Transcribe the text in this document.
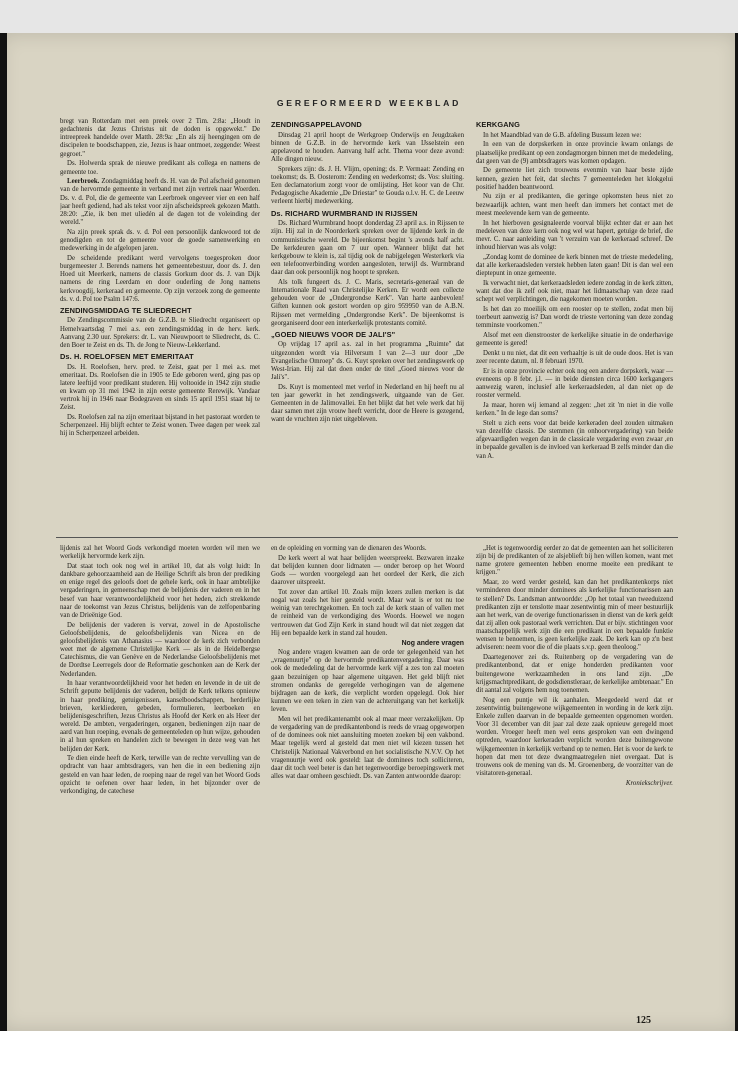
GEREFORMEERD WEEKBLAD

bregt van Rotterdam met een preek over 2 Tim. 2:8a: „Houdt in gedachtenis dat Jezus Christus uit de doden is opgewekt." De intreepreek handelde over Matth. 28:9a: „En als zij heengingen om de discipelen te boodschappen, zie, Jezus is haar ontmoet, zeggende: Weest gegroet."

Ds. Holwerda sprak de nieuwe predikant als collega en namens de gemeente toe.

Leerbroek. Zondagmiddag heeft ds. H. van de Pol afscheid genomen van de hervormde gemeente in verband met zijn vertrek naar Woerden. Ds. v. d. Pol, die de gemeente van Leerbroek ongeveer vier en een half jaar heeft gediend, had als tekst voor zijn afscheidspreek gekozen Matth. 28:20: „Zie, ik ben met uliedén al de dagen tot de voleinding der wereld."

Na zijn preek sprak ds. v. d. Pol een persoonlijk dankwoord tot de genodigden en tot de gemeente voor de goede samenwerking en medewerking in de afgelopen jaren.

De scheidende predikant werd vervolgens toegesproken door burgemeester J. Berends namens het gemeentebestuur, door ds. J. den Hoed uit Meerkerk, namens de classis Gorkum door ds. J. van Dijk namens de ring Leerdam en door ouderling de Jong namens kerkvoogdij, kerkeraad en gemeente. Op zijn verzoek zong de gemeente ds. v. d. Pol toe Psalm 147:6.

ZENDINGSMIDDAG TE SLIEDRECHT

De Zendingscommissie van de G.Z.B. te Sliedrecht organiseert op Hemelvaartsdag 7 mei a.s. een zendingsmiddag in de herv. kerk. Aanvang 2.30 uur. Sprekers: dr. L. van Nieuwpoort te Sliedrecht, ds. C. den Boer te Zeist en ds. Th. de Jong te Nieuw-Lekkerland.

Ds. H. ROELOFSEN MET EMERITAAT

Ds. H. Roelofsen, herv. pred. te Zeist, gaat per 1 mei a.s. met emeritaat. Ds. Roelofsen die in 1905 te Ede geboren werd, ging pas op latere leeftijd voor predikant studeren. Hij voltooide in 1942 zijn studie en kwam op 31 mei 1942 in zijn eerste gemeente Rerewijk. Vandaar vertrok hij in 1946 naar Bodegraven en sinds 15 april 1951 staat hij te Zeist.

Ds. Roelofsen zal na zijn emeritaat bijstand in het pastoraat worden te Scherpenzeel. Hij blijft echter te Zeist wonen. Twee dagen per week zal hij in Scherpenzeel arbeiden.

ZENDINGSAPPELAVOND

Dinsdag 21 april hoopt de Werkgroep Onderwijs en Jeugdzaken binnen de G.Z.B. in de hervormde kerk van IJsselstein een appelavond te houden. Aanvang half acht. Thema voor deze avond: Alle dingen nieuw.

Sprekers zijn: ds. J. H. Vlijm, opening; ds. P. Vermaat: Zending en toekomst; ds. B. Oosterom: Zending en wederkomst; ds. Vos: sluiting. Een declamatorium zorgt voor de omlijsting. Het koor van de Chr. Pedagogische Akademie „De Driestar" te Gouda o.l.v. H. C. de Leeuw verleent hierbij medewerking.

Ds. RICHARD WURMBRAND IN RIJSSEN

Ds. Richard Wurmbrand hoopt donderdag 23 april a.s. in Rijssen te zijn. Hij zal in de Noorderkerk spreken over de lijdende kerk in de communistische wereld. De bijeenkomst begint 's avonds half acht. De kerkdeuren gaan om 7 uur open. Wanneer blijkt dat het kerkgebouw te klein is, zal tijdig ook de nabijgelegen Westerkerk via een telefoonverbinding worden aangesloten, terwijl ds. Wurmbrand daar dan ook persoonlijk nog hoopt te spreken.

Als tolk fungeert ds. J. C. Maris, secretaris-generaal van de Internationale Raad van Christelijke Kerken. Er wordt een collecte gehouden voor de „Ondergrondse Kerk". Van harte aanbevolen! Giften kunnen ook gestort worden op giro 959950 van de A.B.N. Rijssen met vermelding „Ondergrondse Kerk". De bijeenkomst is georganiseerd door een interkerkelijk protestants comité.

„GOED NIEUWS VOOR DE JALI'S"

Op vrijdag 17 april a.s. zal in het programma „Ruimte" dat uitgezonden wordt via Hilversum I van 2—3 uur door „De Evangelische Omroep" ds. G. Kuyt spreken over het zendingswerk op West-Irian. Hij zal dat doen onder de titel „Goed nieuws voor de Jali's".

Ds. Kuyt is momenteel met verlof in Nederland en hij heeft nu al ten jaar gewerkt in het zendingswerk, uitgaande van de Ger. Gemeenten in de Jalimovallei. En het blijkt dat het vele werk dat hij daar samen met zijn vrouw heeft verricht, door de Heere is gezegend, want de vruchten zijn niet uitgebleven.

KERKGANG

In het Maandblad van de G.B. afdeling Bussum lezen we:

In een van de dorpskerken in onze provincie kwam onlangs de plaatselijke predikant op een zondagmorgen binnen met de mededeling, dat geen van de (9) ambtsdragers was komen opdagen.

De gemeente liet zich trouwens evenmin van haar beste zijde kennen, gezien het feit, dat slechts 7 gemeenteleden het klokgelui positief hadden beantwoord.

Nu zijn er al predikanten, die geringe opkomsten heus niet zo bezwaarlijk achten, want men heeft dan immers het contact met de meest meelevende kern van de gemeente.

In het hierboven gesignaleerde voorval blijkt echter dat er aan het medeleven van deze kern ook nog wel wat hapert, getuige de brief, die mevr. C. naar aanleiding van 't verzuim van de kerkeraad schreef. De inhoud hiervan was als volgt:

„Zondag komt de dominee de kerk binnen met de trieste mededeling, dat alle kerkeraadsleden verstek hebben laten gaan! Dit is dan wel een dieptepunt in onze gemeente.

Ik verwacht niet, dat kerkeraadsleden iedere zondag in de kerk zitten, want dat doe ik zelf ook niet, maar het lidmaatschap van deze raad schept wel verplichtingen, die nagekomen moeten worden.

Is het dan zo moeilijk om een rooster op te stellen, zodat men bij toerbeurt aanwezig is? Dan wordt de trieste vertoning van deze zondag temminste voorkomen."

Alsof met een dienstrooster de kerkelijke situatie in de onderhavige gemeente is gered!

Denkt u nu niet, dat dit een verhaaltje is uit de oude doos. Het is van zeer recente datum, nl. 8 februari 1970.

Er is in onze provincie echter ook nog een andere dorpskerk, waar — eveneens op 8 febr. j.l. — in beide diensten circa 1600 kerkgangers aanwezig waren, inclusief alle kerkeraadsleden, al dan niet op de rooster vermeld.

Ja maar, horen wij iemand al zeggen: „het zit 'm niet in die volle kerken." In de lege dan soms?

Stelt u zich eens voor dat beide kerkeraden deel zouden uitmaken van dezelfde classis. De stemmen (in onhoorvergadering) van beide afgevaardigden wegen dan in de classicale vergadering even zwaar ,en in bepaalde gevallen is de invloed van kerkeraad B zelfs minder dan die van A.

lijdenis zal het Woord Gods verkondigd moeten worden wil men we werkelijk hervormde kerk zijn.

Dat staat toch ook nog wel in artikel 10, dat als volgt luidt: In dankbare gehoorzaamheid aan de Heilige Schrift als bron der prediking en enige regel des geloofs doet de gehele kerk, ook in haar ambtelijke vergaderingen, in gemeenschap met de belijdenis der vaderen en in het besef van haar verantwoordelijkheid voor het heden, zich strekkende naar de toekomst van Jezus Christus, belijdenis van de zelfopenbaring van de Drieënige God.

De belijdenis der vaderen is vervat, zowel in de Apostolische Geloofsbelijdenis, de geloofsbelijdenis van Nicea en de geloofsbelijdenis van Athanasius — waardoor de kerk zich verbonden weet met de algemene Christelijke Kerk — als in de Heidelbergse Catechismus, die van Genève en de Nederlandse Geloofsbelijdenis met de Dordtse Leerregels door de Reformatie geschonken aan de Kerk der Nederlanden.

In haar verantwoordelijkheid voor het heden en levende in de uit de Schrift geputte belijdenis der vaderen, belijdt de Kerk telkens opnieuw in haar prediking, getuigenissen, kanselboodschappen, herderlijke brieven, kerkliederen, gebeden, formulieren, leerboeken en belijdenisgeschriften, Jezus Christus als Hoofd der Kerk en als Heer der wereld. De ambten, vergaderingen, organen, bedieningen zijn naar de aard van hun roeping, evenals de gemeenteleden op hun wijze, gehouden in al hun spreken en handelen zich te bewegen in deze weg van het belijden der Kerk.

Te dien einde heeft de Kerk, terwille van de rechte vervulling van de opdracht van haar ambtsdragers, van hen die in een bediening zijn gesteld en van haar leden, de roeping naar de regel van het Woord Gods opzicht te oefenen over haar leden, in het bijzonder over de verkondiging, de catechese

en de opleiding en vorming van de dienaren des Woords.

De kerk weert al wat haar belijden weerspreekt. Bezwaren inzake dat belijden kunnen door lidmaten — onder beroep op het Woord Gods — worden voorgelegd aan het oordeel der Kerk, die zich daarover uitspreekt.

Tot zover dan artikel 10. Zoals mijn lezers zullen merken is dat nogal wat zoals het hier gesteld wordt. Maar wat is er tot nu toe weinig van terechtgekomen. En toch zal de kerk staan of vallen met de reinheid van de verkondiging des Woords. Hoewel we nogen vertrouwen dat God Zijn Kerk in stand houdt wil dat niet zeggen dat Hij een bepaalde kerk in stand zal houden.

Nog andere vragen

Nog andere vragen kwamen aan de orde ter gelegenheid van het „vragenuurtje" op de hervormde predikantenvergadering. Daar was ook de mededeling dat de hervormde kerk vijf a zes ton zal moeten gaan bezuinigen op haar algemene uitgaven. Het geld blijft niet stromen ondanks de geregelde verhogingen van de algemene bijdragen aan de kerk, die verplicht worden opgelegd. Ook hier kunnen we een teken in zien van de achteruitgang van het kerkelijk leven.

Men wil het predikantenambt ook al maar meer verzakelijken. Op de vergadering van de predikantenbond is reeds de vraag opgeworpen of de dominees ook niet aansluiting moeten zoeken bij een vakbond. Maar tegelijk werd al gesteld dat men niet wil kiezen tussen het Christelijk Nationaal Vakverbond en het socialistische N.V.V. Op het vragenuurtje werd ook gesteld: laat de dominees toch solliciteren, daar dit toch veel beter is dan het tegenwoordige beroepingswerk met alles wat daar omheen geschiedt. Ds. van Zanten antwoordde daarop:

„Het is tegenwoordig eerder zo dat de gemeenten aan het solliciteren zijn bij de predikanten of ze alsjeblieft bij hen willen komen, want met name grotere gemeenten hebben enorme moeite een predikant te krijgen."

Maar, zo werd verder gesteld, kan dan het predikantenkorps niet verminderen door minder dominees als kerkelijke functionarissen aan te stellen? Ds. Landsman antwoordde: „Op het totaal van tweeduizend predikanten zijn er tenslotte maar zesentwintig min of meer bestuurlijk aan het werk, van de overige functionarissen in dienst van de kerk geldt dat zij allen ook pastoraal werk verrichten. Dat er bijv. stichtingen voor maatschappelijk werk zijn die een predikant in een bepaalde funktie wensen te benoemen, is geen kerkelijke zaak. De kerk kan op z'n best adviseren: neem voor die of die plaats s.v.p. geen theoloog."

Daartegenover zei ds. Ruitenberg op de vergadering van de predikantenbond, dat er enige honderden predikanten voor buitengewone werkzaamheden in ons land zijn. „De krijgsmachtpredikant, de godsdienstleraar, de kerkelijke ambtenaar." En dit aantal zal volgens hem nog toenemen.

Nog een puntje wil ik aanhalen. Meegedeeld werd dat er zesentwintig buitengewone wijkgemeenten in wording in de kerk zijn. Enkele zullen daarvan in de bepaalde gemeenten opgenomen worden. Voor 31 december van dit jaar zal deze zaak opnieuw geregeld moet worden. Vroeger heeft men wel eens gesproken van een dwingend optreden, waardoor kerkeraden verplicht worden deze buitengewone wijkgemeenten in kerkelijk verband op te nemen. Het is voor de kerk te hopen dat men tot deze dwangmaatregelen niet overgaat. Dat is trouwens ook de mening van ds. M. Groenenberg, de voorzitter van de visitatoren-generaal.

Kroniekschrijver.
125
